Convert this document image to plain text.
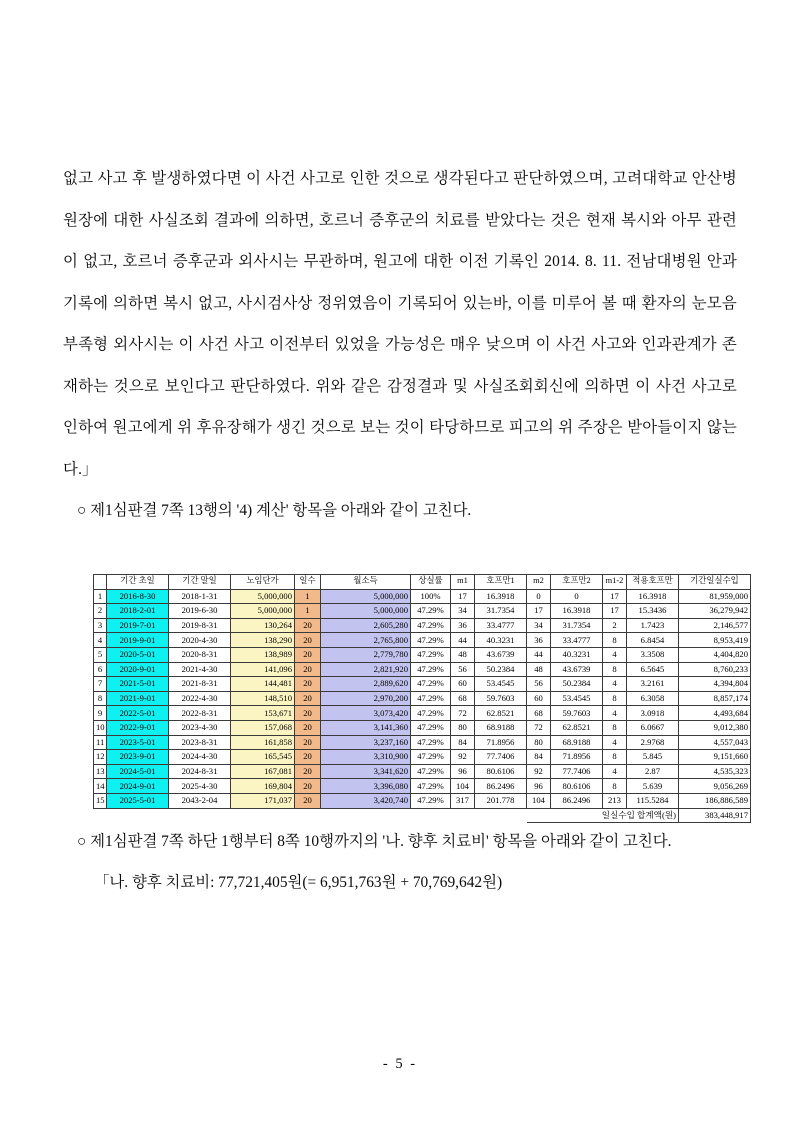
없고 사고 후 발생하였다면 이 사건 사고로 인한 것으로 생각된다고 판단하였으며, 고려대학교 안산병원장에 대한 사실조회 결과에 의하면, 호르너 증후군의 치료를 받았다는 것은 현재 복시와 아무 관련이 없고, 호르너 증후군과 외사시는 무관하며, 원고에 대한 이전 기록인 2014. 8. 11. 전남대병원 안과기록에 의하면 복시 없고, 사시검사상 정위였음이 기록되어 있는바, 이를 미루어 볼 때 환자의 눈모음부족형 외사시는 이 사건 사고 이전부터 있었을 가능성은 매우 낮으며 이 사건 사고와 인과관계가 존재하는 것으로 보인다고 판단하였다. 위와 같은 감정결과 및 사실조회회신에 의하면 이 사건 사고로 인하여 원고에게 위 후유장해가 생긴 것으로 보는 것이 타당하므로 피고의 위 주장은 받아들이지 않는다.」

○ 제1심판결 7쪽 13행의 '4) 계산' 항목을 아래와 같이 고친다.
○ 제1심판결 7쪽 하단 1행부터 8쪽 10행까지의 '나. 향후 치료비' 항목을 아래와 같이 고친다.
「나. 향후 치료비: 77,721,405원(= 6,951,763원 + 70,769,642원)
	기간 초일	기간 말일	노임단가	일수	월소득	상실률	m1	호프만1	m2	호프만2	m1-2	적용호프만	기간일실수입
1	2016-8-30	2018-1-31	5,000,000	1	5,000,000	100%	17	16.3918	0	0	17	16.3918	81,959,000
2	2018-2-01	2019-6-30	5,000,000	1	5,000,000	47.29%	34	31.7354	17	16.3918	17	15.3436	36,279,942
3	2019-7-01	2019-8-31	130,264	20	2,605,280	47.29%	36	33.4777	34	31.7354	2	1.7423	2,146,577
4	2019-9-01	2020-4-30	138,290	20	2,765,800	47.29%	44	40.3231	36	33.4777	8	6.8454	8,953,419
5	2020-5-01	2020-8-31	138,989	20	2,779,780	47.29%	48	43.6739	44	40.3231	4	3.3508	4,404,820
6	2020-9-01	2021-4-30	141,096	20	2,821,920	47.29%	56	50.2384	48	43.6739	8	6.5645	8,760,233
7	2021-5-01	2021-8-31	144,481	20	2,889,620	47.29%	60	53.4545	56	50.2384	4	3.2161	4,394,804
8	2021-9-01	2022-4-30	148,510	20	2,970,200	47.29%	68	59.7603	60	53.4545	8	6.3058	8,857,174
9	2022-5-01	2022-8-31	153,671	20	3,073,420	47.29%	72	62.8521	68	59.7603	4	3.0918	4,493,684
10	2022-9-01	2023-4-30	157,068	20	3,141,360	47.29%	80	68.9188	72	62.8521	8	6.0667	9,012,380
11	2023-5-01	2023-8-31	161,858	20	3,237,160	47.29%	84	71.8956	80	68.9188	4	2.9768	4,557,043
12	2023-9-01	2024-4-30	165,545	20	3,310,900	47.29%	92	77.7406	84	71.8956	8	5.845	9,151,660
13	2024-5-01	2024-8-31	167,081	20	3,341,620	47.29%	96	80.6106	92	77.7406	4	2.87	4,535,323
14	2024-9-01	2025-4-30	169,804	20	3,396,080	47.29%	104	86.2496	96	80.6106	8	5.639	9,056,269
15	2025-5-01	2043-2-04	171,037	20	3,420,740	47.29%	317	201.778	104	86.2496	213	115.5284	186,886,589
									일실수입 합계액(원)				383,448,917
- 5 -
